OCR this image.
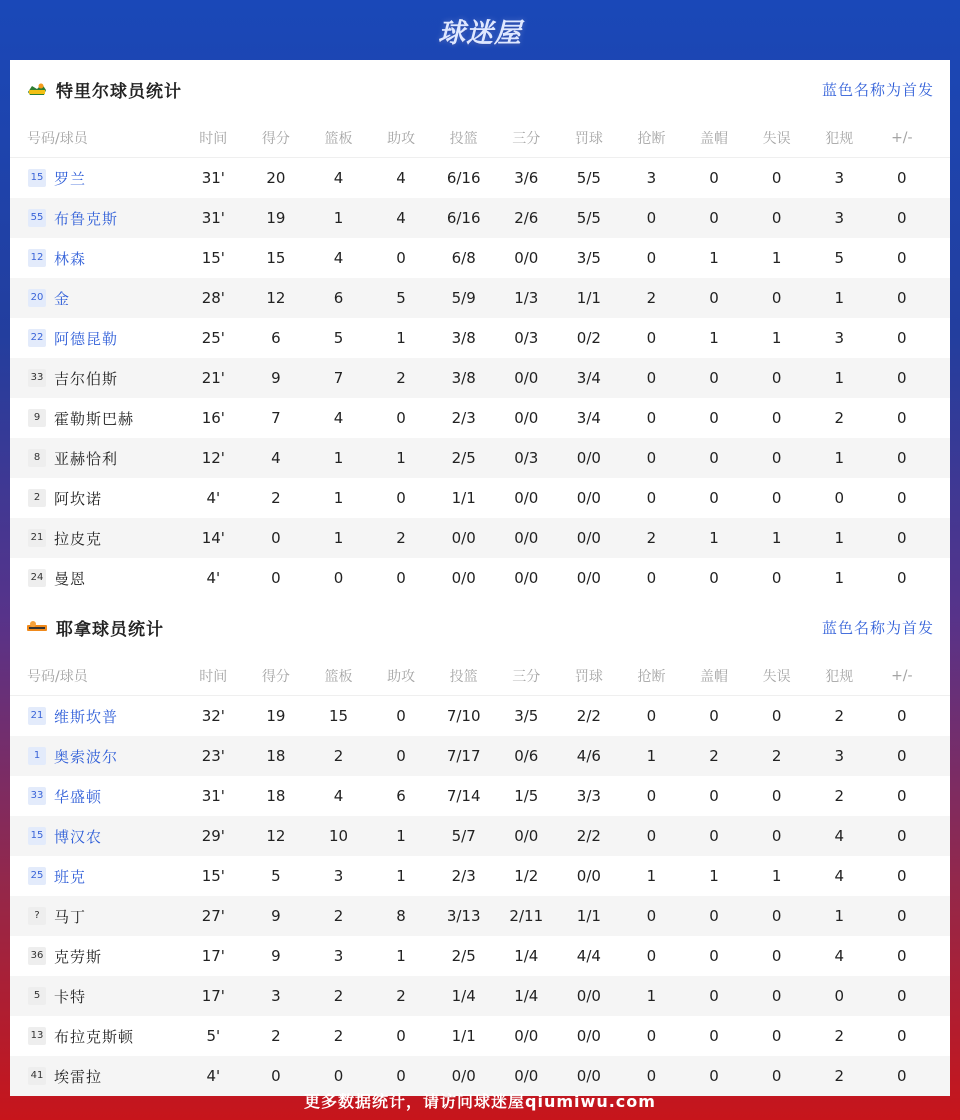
球迷屋
特里尔球员统计	蓝色名称为首发
号码/球员	时间	得分	篮板	助攻	投篮	三分	罚球	抢断	盖帽	失误	犯规	+/-
15 罗兰	31'	20	4	4	6/16	3/6	5/5	3	0	0	3	0
55 布鲁克斯	31'	19	1	4	6/16	2/6	5/5	0	0	0	3	0
12 林森	15'	15	4	0	6/8	0/0	3/5	0	1	1	5	0
20 金	28'	12	6	5	5/9	1/3	1/1	2	0	0	1	0
22 阿德昆勒	25'	6	5	1	3/8	0/3	0/2	0	1	1	3	0
33 吉尔伯斯	21'	9	7	2	3/8	0/0	3/4	0	0	0	1	0
9 霍勒斯巴赫	16'	7	4	0	2/3	0/0	3/4	0	0	0	2	0
8 亚赫恰利	12'	4	1	1	2/5	0/3	0/0	0	0	0	1	0
2 阿坎诺	4'	2	1	0	1/1	0/0	0/0	0	0	0	0	0
21 拉皮克	14'	0	1	2	0/0	0/0	0/0	2	1	1	1	0
24 曼恩	4'	0	0	0	0/0	0/0	0/0	0	0	0	1	0
耶拿球员统计	蓝色名称为首发
号码/球员	时间	得分	篮板	助攻	投篮	三分	罚球	抢断	盖帽	失误	犯规	+/-
21 维斯坎普	32'	19	15	0	7/10	3/5	2/2	0	0	0	2	0
1 奥索波尔	23'	18	2	0	7/17	0/6	4/6	1	2	2	3	0
33 华盛顿	31'	18	4	6	7/14	1/5	3/3	0	0	0	2	0
15 博汉农	29'	12	10	1	5/7	0/0	2/2	0	0	0	4	0
25 班克	15'	5	3	1	2/3	1/2	0/0	1	1	1	4	0
? 马丁	27'	9	2	8	3/13	2/11	1/1	0	0	0	1	0
36 克劳斯	17'	9	3	1	2/5	1/4	4/4	0	0	0	4	0
5 卡特	17'	3	2	2	1/4	1/4	0/0	1	0	0	0	0
13 布拉克斯顿	5'	2	2	0	1/1	0/0	0/0	0	0	0	2	0
41 埃雷拉	4'	0	0	0	0/0	0/0	0/0	0	0	0	2	0
更多数据统计，请访问球迷屋qiumiwu.com
